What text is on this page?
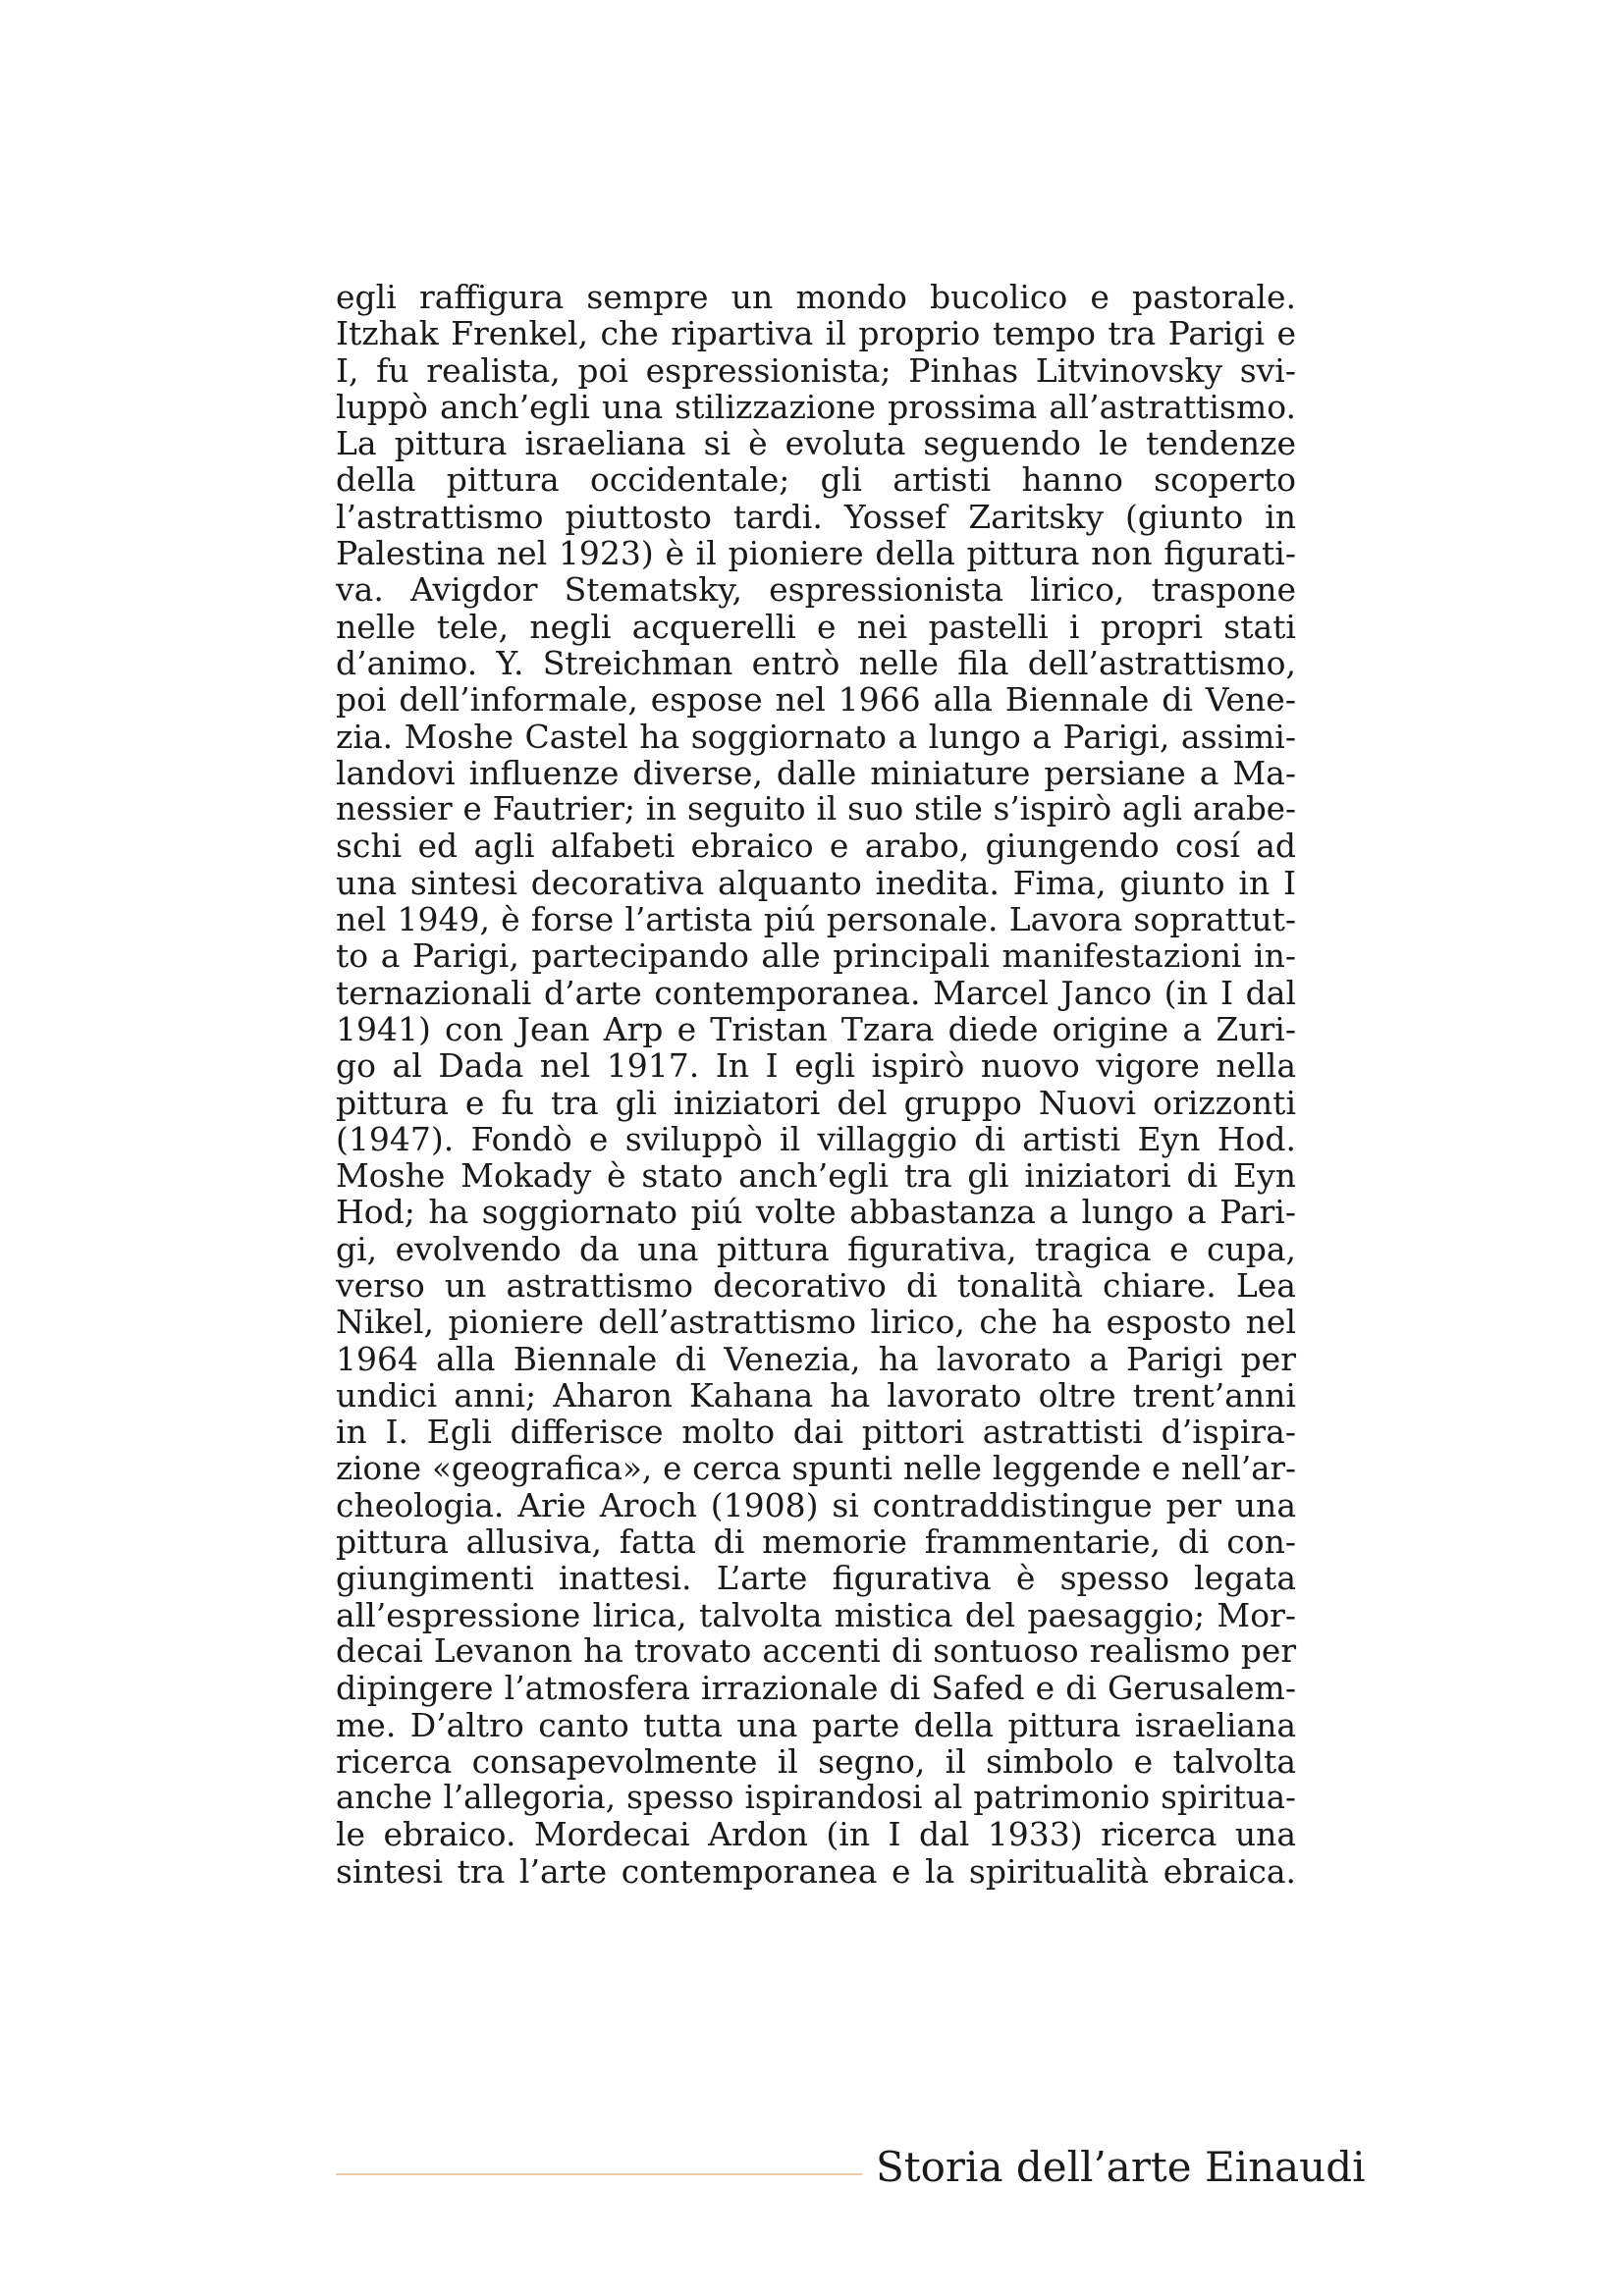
egli raffigura sempre un mondo bucolico e pastorale.
Itzhak Frenkel, che ripartiva il proprio tempo tra Parigi e
I, fu realista, poi espressionista; Pinhas Litvinovsky svi-
luppò anch’egli una stilizzazione prossima all’astrattismo.
La pittura israeliana si è evoluta seguendo le tendenze
della pittura occidentale; gli artisti hanno scoperto
l’astrattismo piuttosto tardi. Yossef Zaritsky (giunto in
Palestina nel 1923) è il pioniere della pittura non figurati-
va. Avigdor Stematsky, espressionista lirico, traspone
nelle tele, negli acquerelli e nei pastelli i propri stati
d’animo. Y. Streichman entrò nelle fila dell’astrattismo,
poi dell’informale, espose nel 1966 alla Biennale di Vene-
zia. Moshe Castel ha soggiornato a lungo a Parigi, assimi-
landovi influenze diverse, dalle miniature persiane a Ma-
nessier e Fautrier; in seguito il suo stile s’ispirò agli arabe-
schi ed agli alfabeti ebraico e arabo, giungendo cosí ad
una sintesi decorativa alquanto inedita. Fima, giunto in I
nel 1949, è forse l’artista piú personale. Lavora soprattut-
to a Parigi, partecipando alle principali manifestazioni in-
ternazionali d’arte contemporanea. Marcel Janco (in I dal
1941) con Jean Arp e Tristan Tzara diede origine a Zuri-
go al Dada nel 1917. In I egli ispirò nuovo vigore nella
pittura e fu tra gli iniziatori del gruppo Nuovi orizzonti
(1947). Fondò e sviluppò il villaggio di artisti Eyn Hod.
Moshe Mokady è stato anch’egli tra gli iniziatori di Eyn
Hod; ha soggiornato piú volte abbastanza a lungo a Pari-
gi, evolvendo da una pittura figurativa, tragica e cupa,
verso un astrattismo decorativo di tonalità chiare. Lea
Nikel, pioniere dell’astrattismo lirico, che ha esposto nel
1964 alla Biennale di Venezia, ha lavorato a Parigi per
undici anni; Aharon Kahana ha lavorato oltre trent’anni
in I. Egli differisce molto dai pittori astrattisti d’ispira-
zione «geografica», e cerca spunti nelle leggende e nell’ar-
cheologia. Arie Aroch (1908) si contraddistingue per una
pittura allusiva, fatta di memorie frammentarie, di con-
giungimenti inattesi. L’arte figurativa è spesso legata
all’espressione lirica, talvolta mistica del paesaggio; Mor-
decai Levanon ha trovato accenti di sontuoso realismo per
dipingere l’atmosfera irrazionale di Safed e di Gerusalem-
me. D’altro canto tutta una parte della pittura israeliana
ricerca consapevolmente il segno, il simbolo e talvolta
anche l’allegoria, spesso ispirandosi al patrimonio spiritua-
le ebraico. Mordecai Ardon (in I dal 1933) ricerca una
sintesi tra l’arte contemporanea e la spiritualità ebraica.
Storia dell’arte Einaudi
